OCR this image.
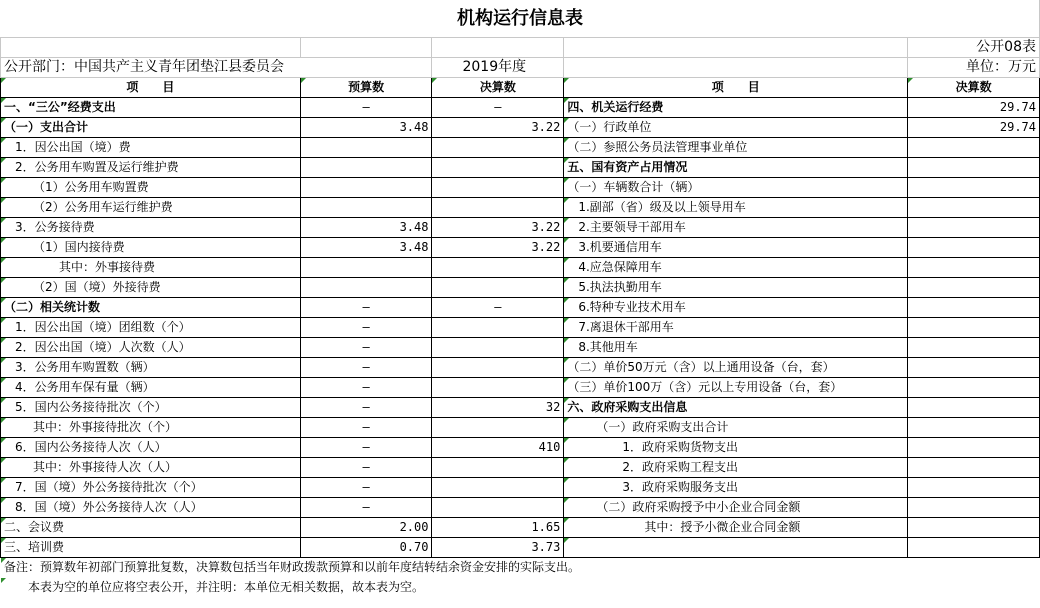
机构运行信息表				
				公开08表
公开部门：中国共产主义青年团垫江县委员会		2019年度		单位：万元
项　　目	预算数	决算数	项　　目	决算数
一、“三公”经费支出	—	—	四、机关运行经费	29.74
（一）支出合计	3.48	3.22	（一）行政单位	29.74
1．因公出国（境）费			（二）参照公务员法管理事业单位	
2．公务用车购置及运行维护费			五、国有资产占用情况	
（1）公务用车购置费			（一）车辆数合计（辆）	
（2）公务用车运行维护费			1.副部（省）级及以上领导用车	
3．公务接待费	3.48	3.22	2.主要领导干部用车	
（1）国内接待费	3.48	3.22	3.机要通信用车	
其中：外事接待费			4.应急保障用车	
（2）国（境）外接待费			5.执法执勤用车	
（二）相关统计数	—	—	6.特种专业技术用车	
1．因公出国（境）团组数（个）	—		7.离退休干部用车	
2．因公出国（境）人次数（人）	—		8.其他用车	
3．公务用车购置数（辆）	—		（二）单价50万元（含）以上通用设备（台，套）	
4．公务用车保有量（辆）	—		（三）单价100万（含）元以上专用设备（台，套）	
5．国内公务接待批次（个）	—	32	六、政府采购支出信息	
其中：外事接待批次（个）	—		（一）政府采购支出合计	
6．国内公务接待人次（人）	—	410	1．政府采购货物支出	
其中：外事接待人次（人）	—		2．政府采购工程支出	
7．国（境）外公务接待批次（个）	—		3．政府采购服务支出	
8．国（境）外公务接待人次（人）	—		（二）政府采购授予中小企业合同金额	
二、会议费	2.00	1.65	其中：授予小微企业合同金额	
三、培训费	0.70	3.73		
备注：预算数年初部门预算批复数，决算数包括当年财政拨款预算和以前年度结转结余资金安排的实际支出。				
　　本表为空的单位应将空表公开，并注明：本单位无相关数据，故本表为空。				
